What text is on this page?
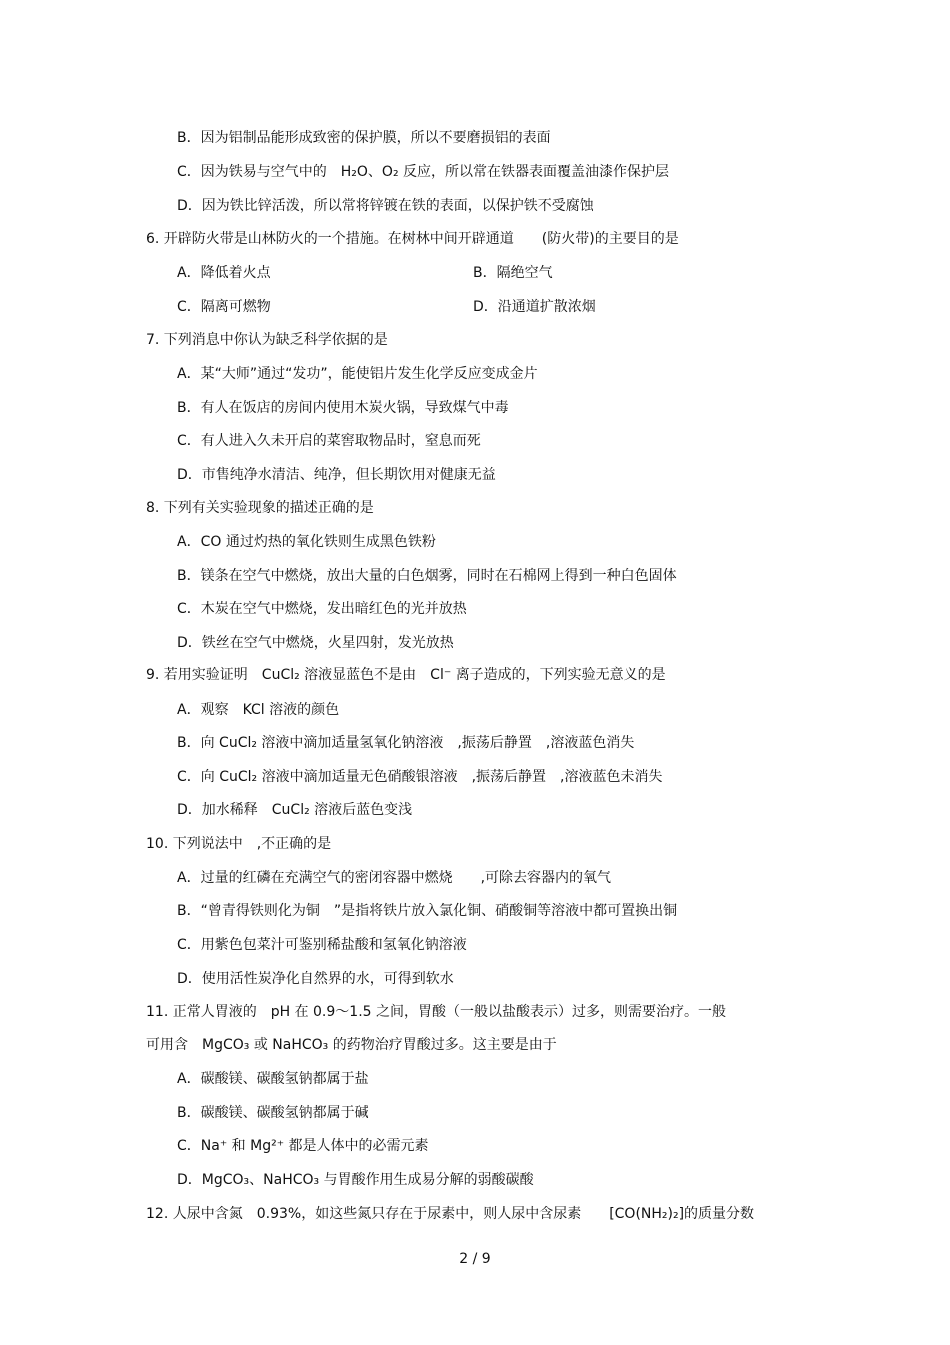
B．因为铝制品能形成致密的保护膜，所以不要磨损铝的表面
C．因为铁易与空气中的　H₂O、O₂ 反应，所以常在铁器表面覆盖油漆作保护层
D．因为铁比锌活泼，所以常将锌镀在铁的表面，以保护铁不受腐蚀
6. 开辟防火带是山林防火的一个措施。在树林中间开辟通道　　(防火带)的主要目的是
A．降低着火点	B．隔绝空气
C．隔离可燃物	D．沿通道扩散浓烟
7. 下列消息中你认为缺乏科学依据的是
A．某“大师”通过“发功”，能使铝片发生化学反应变成金片
B．有人在饭店的房间内使用木炭火锅，导致煤气中毒
C．有人进入久未开启的菜窖取物品时，窒息而死
D．市售纯净水清洁、纯净，但长期饮用对健康无益
8. 下列有关实验现象的描述正确的是
A．CO 通过灼热的氧化铁则生成黑色铁粉
B．镁条在空气中燃烧，放出大量的白色烟雾，同时在石棉网上得到一种白色固体
C．木炭在空气中燃烧，发出暗红色的光并放热
D．铁丝在空气中燃烧，火星四射，发光放热
9. 若用实验证明　CuCl₂ 溶液显蓝色不是由　Cl⁻ 离子造成的，下列实验无意义的是
A．观察　KCl 溶液的颜色
B．向 CuCl₂ 溶液中滴加适量氢氧化钠溶液　,振荡后静置　,溶液蓝色消失
C．向 CuCl₂ 溶液中滴加适量无色硝酸银溶液　,振荡后静置　,溶液蓝色未消失
D．加水稀释　CuCl₂ 溶液后蓝色变浅
10. 下列说法中　,不正确的是
A．过量的红磷在充满空气的密闭容器中燃烧　　,可除去容器内的氧气
B．“曾青得铁则化为铜　”是指将铁片放入氯化铜、硝酸铜等溶液中都可置换出铜
C．用紫色包菜汁可鉴别稀盐酸和氢氧化钠溶液
D．使用活性炭净化自然界的水，可得到软水
11. 正常人胃液的　pH 在 0.9～1.5 之间，胃酸（一般以盐酸表示）过多，则需要治疗。一般
可用含　MgCO₃ 或 NaHCO₃ 的药物治疗胃酸过多。这主要是由于
A．碳酸镁、碳酸氢钠都属于盐
B．碳酸镁、碳酸氢钠都属于碱
C．Na⁺ 和 Mg²⁺ 都是人体中的必需元素
D．MgCO₃、NaHCO₃ 与胃酸作用生成易分解的弱酸碳酸
12. 人尿中含氮　0.93%，如这些氮只存在于尿素中，则人尿中含尿素　　[CO(NH₂)₂]的质量分数
2 / 9
